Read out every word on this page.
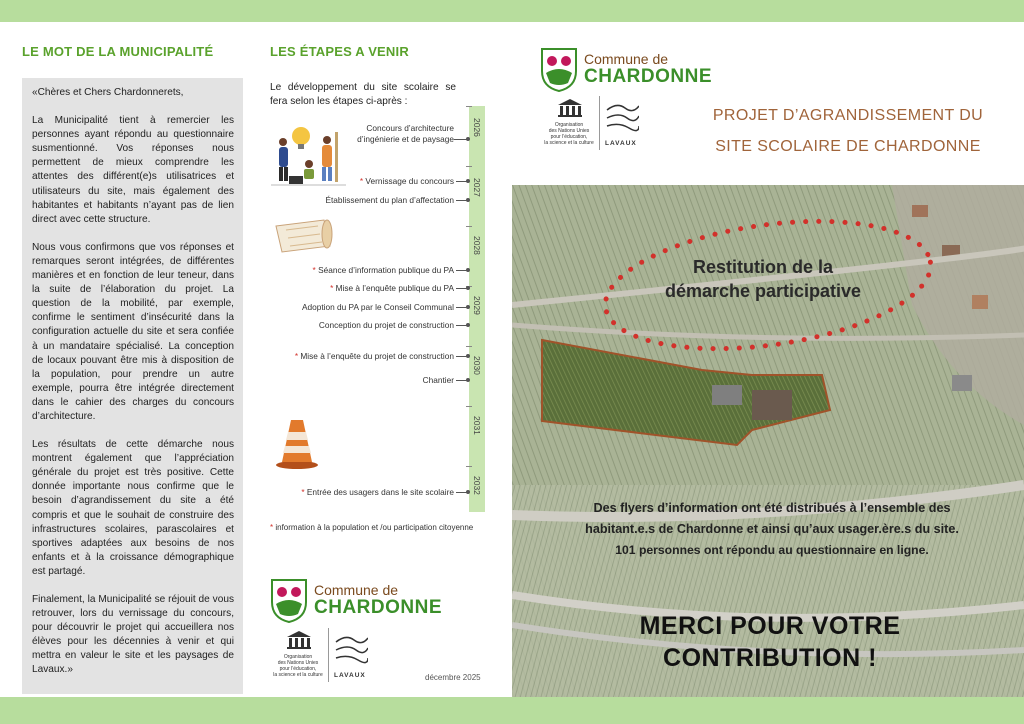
LE MOT DE LA MUNICIPALITÉ

«Chères et Chers Chardonnerets,

La Municipalité tient à remercier les personnes ayant répondu au questionnaire susmentionné. Vos réponses nous permettent de mieux comprendre les attentes des différent(e)s utilisatrices et utilisateurs du site, mais également des habitantes et habitants n’ayant pas de lien direct avec cette structure.

Nous vous confirmons que vos réponses et remarques seront intégrées, de différentes manières et en fonction de leur teneur, dans la suite de l’élaboration du projet. La question de la mobilité, par exemple, confirme le sentiment d’insécurité dans la configuration actuelle du site et sera confiée à un mandataire spécialisé. La conception de locaux pouvant être mis à disposition de la population, pour prendre un autre exemple, pourra être intégrée directement dans le cahier des charges du concours d’architecture.

Les résultats de cette démarche nous montrent également que l’appréciation générale du projet est très positive. Cette donnée importante nous confirme que le besoin d’agrandissement du site a été compris et que le souhait de construire des infrastructures scolaires, parascolaires et sportives adaptées aux besoins de nos enfants et à la croissance démographique est partagé.

Finalement, la Municipalité se réjouit de vous retrouver, lors du vernissage du concours, pour découvrir le projet qui accueillera nos élèves pour les décennies à venir et qui mettra en valeur le site et les paysages de Lavaux.»

LES ÉTAPES A VENIR
Le développement du site scolaire se fera selon les étapes ci-après :
2026
2027
2028
2029
2030
2031
2032
Concours d’architecture
d’ingénierie et de paysage
* Vernissage du concours
Établissement du plan d’affectation
* Séance d’information publique du PA
* Mise à l’enquête publique du PA
Adoption du PA par le Conseil Communal
Conception du projet de construction
* Mise à l’enquête du projet de construction
Chantier
* Entrée des usagers dans le site scolaire
* information à la population et /ou participation citoyenne
Commune de
CHARDONNE
Organisation
des Nations Unies
pour l’éducation,
la science et la culture	LAVAUX	décembre 2025
Commune de
CHARDONNE
Organisation
des Nations Unies
pour l’éducation,
la science et la culture	LAVAUX
PROJET D’AGRANDISSEMENT DU
SITE SCOLAIRE DE CHARDONNE
Restitution de la
démarche participative
Des flyers d’information ont été distribués à l’ensemble des
habitant.e.s de Chardonne et ainsi qu’aux usager.ère.s du site.
101 personnes ont répondu au questionnaire en ligne.
MERCI POUR VOTRE
CONTRIBUTION !
